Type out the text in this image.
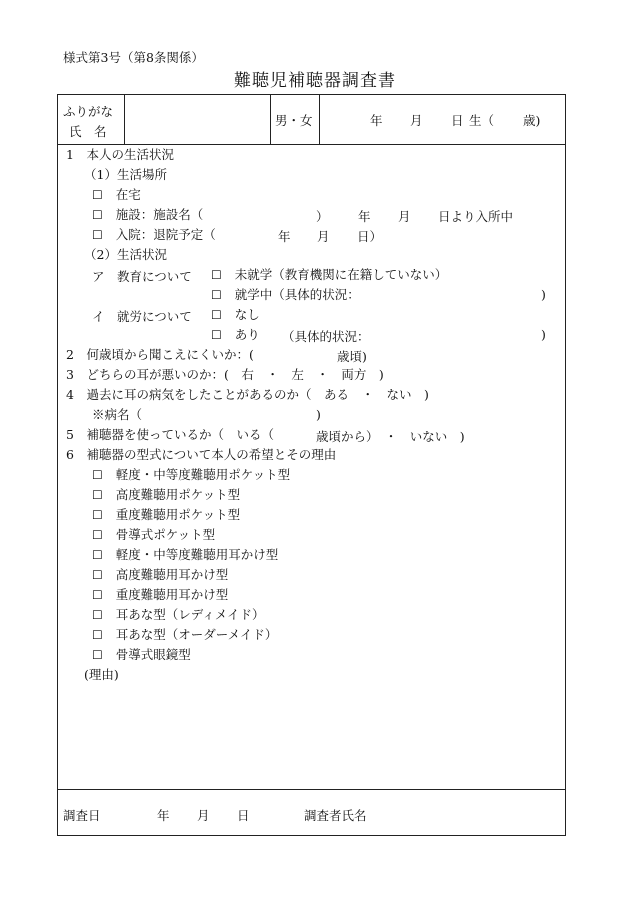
様式第3号（第8条関係）
難聴児補聴器調査書
ふりがな
氏　名
男・女	年 月 日 生（ 歳)
1　本人の生活状況
（1）生活場所
☐ 在宅
☐ 施設：施設名（	） 年 月 日より入所中
☐ 入院：退院予定（	年 月 日）
（2）生活状況
ア 教育について ☐ 未就学（教育機関に在籍していない）
☐ 就学中（具体的状況：	)
イ 就労について ☐ なし
☐ あり （具体的状況：	)
2　何歳頃から聞こえにくいか：(	歳頃)
3　どちらの耳が悪いのか：(　右　・　左　・　両方　)
4　過去に耳の病気をしたことがあるのか（　ある　・　ない　)
※病名（	)
5　補聴器を使っているか（　いる（	歳頃から）　・　いない　)
6　補聴器の型式について本人の希望とその理由
☐ 軽度・中等度難聴用ポケット型
☐ 高度難聴用ポケット型
☐ 重度難聴用ポケット型
☐ 骨導式ポケット型
☐ 軽度・中等度難聴用耳かけ型
☐ 高度難聴用耳かけ型
☐ 重度難聴用耳かけ型
☐ 耳あな型（レディメイド）
☐ 耳あな型（オーダーメイド）
☐ 骨導式眼鏡型
(理由)
調査日	年 月 日	調査者氏名
